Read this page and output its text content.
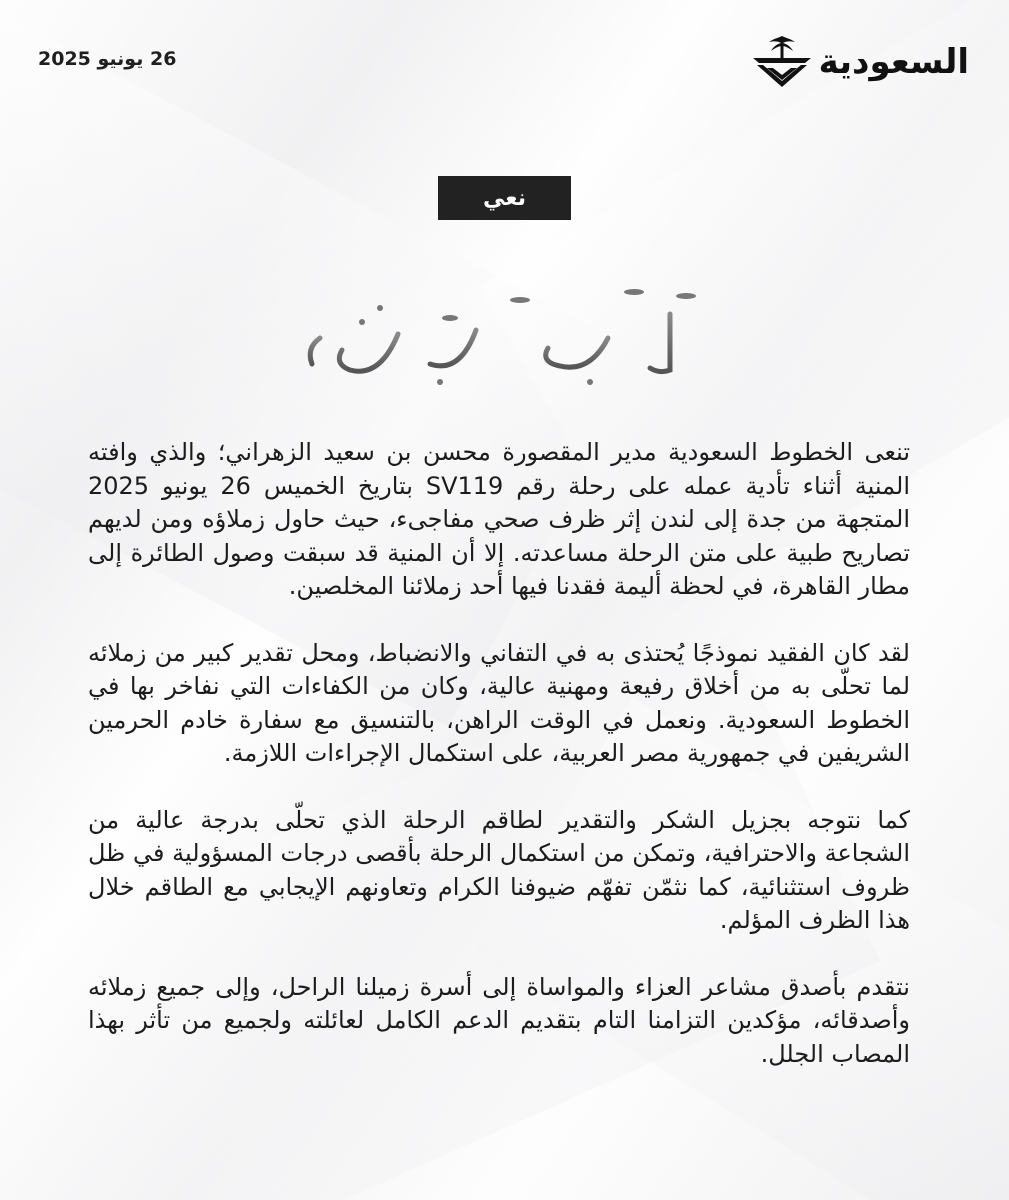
26 يونيو 2025	السعودية
نعي

تنعى الخطوط السعودية مدير المقصورة محسن بن سعيد الزهراني؛ والذي وافته المنية أثناء تأدية عمله على رحلة رقم SV119 بتاريخ الخميس 26 يونيو 2025 المتجهة من جدة إلى لندن إثر ظرف صحي مفاجىء، حيث حاول زملاؤه ومن لديهم تصاريح طبية على متن الرحلة مساعدته. إلا أن المنية قد سبقت وصول الطائرة إلى مطار القاهرة، في لحظة أليمة فقدنا فيها أحد زملائنا المخلصين.

لقد كان الفقيد نموذجًا يُحتذى به في التفاني والانضباط، ومحل تقدير كبير من زملائه لما تحلّى به من أخلاق رفيعة ومهنية عالية، وكان من الكفاءات التي نفاخر بها في الخطوط السعودية. ونعمل في الوقت الراهن، بالتنسيق مع سفارة خادم الحرمين الشريفين في جمهورية مصر العربية، على استكمال الإجراءات اللازمة.

كما نتوجه بجزيل الشكر والتقدير لطاقم الرحلة الذي تحلّى بدرجة عالية من الشجاعة والاحترافية، وتمكن من استكمال الرحلة بأقصى درجات المسؤولية في ظل ظروف استثنائية، كما نثمّن تفهّم ضيوفنا الكرام وتعاونهم الإيجابي مع الطاقم خلال هذا الظرف المؤلم.

نتقدم بأصدق مشاعر العزاء والمواساة إلى أسرة زميلنا الراحل، وإلى جميع زملائه وأصدقائه، مؤكدين التزامنا التام بتقديم الدعم الكامل لعائلته ولجميع من تأثر بهذا المصاب الجلل.
